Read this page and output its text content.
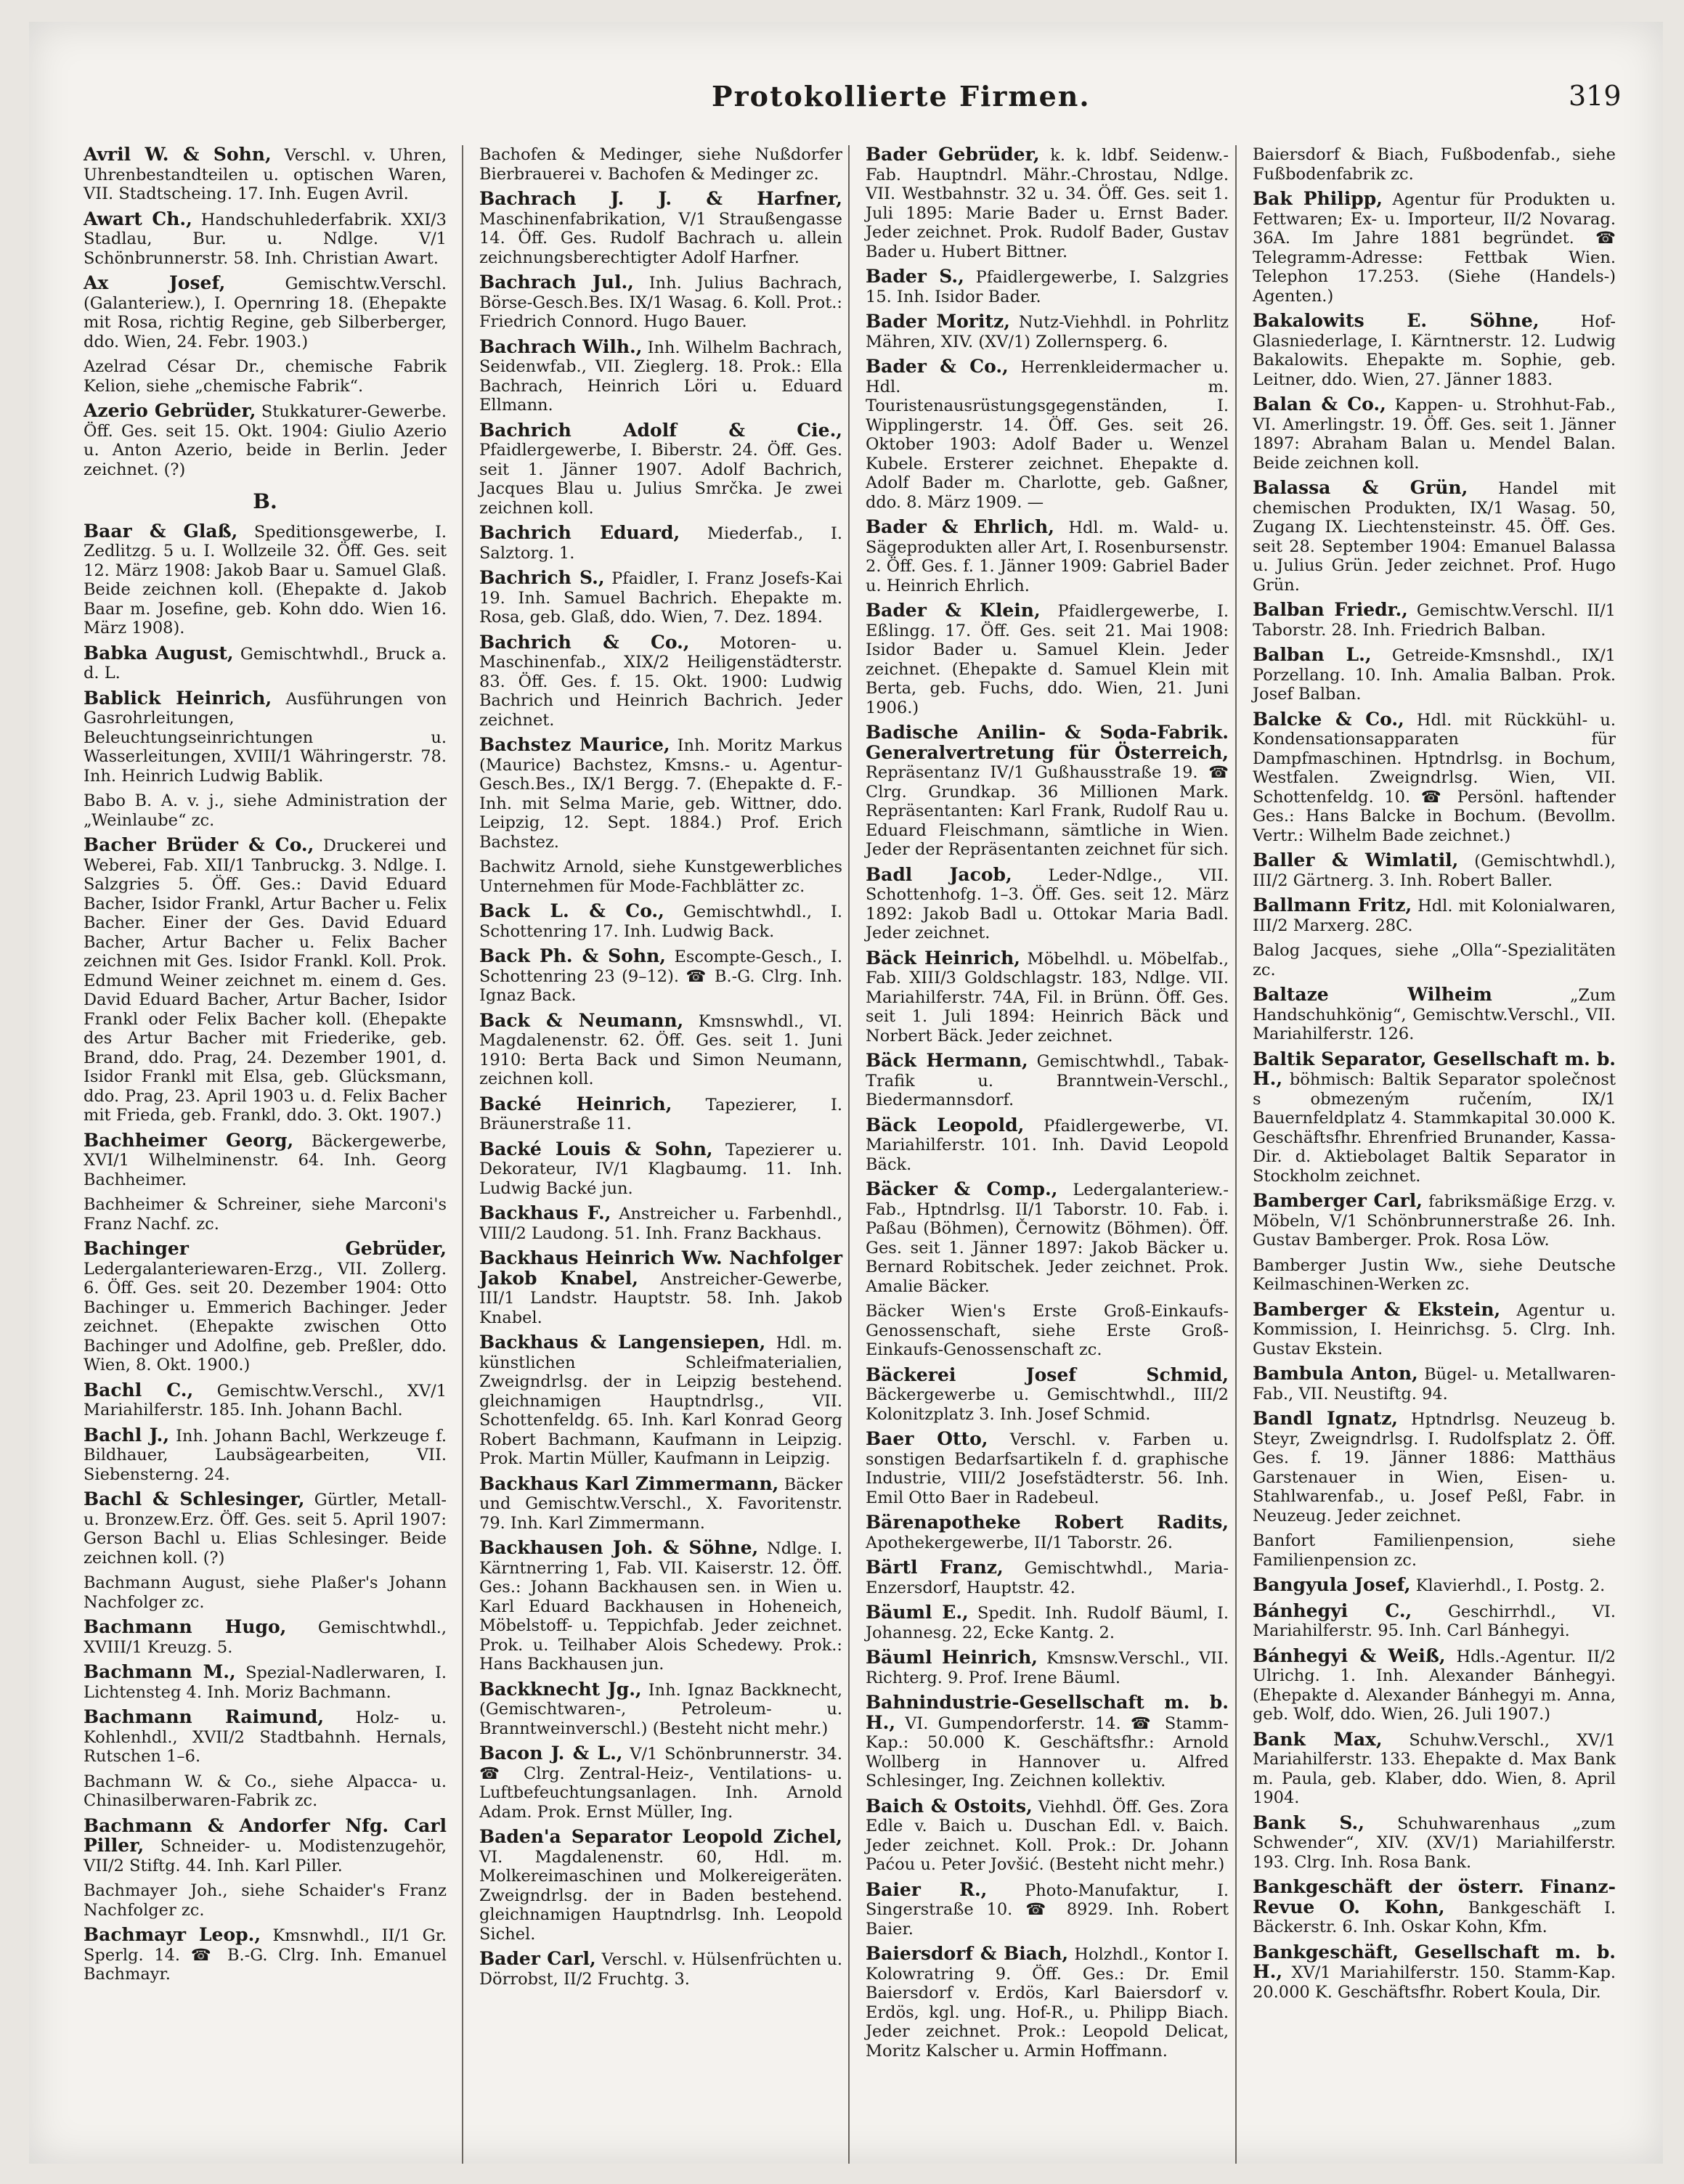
Protokollierte Firmen.	319
Avril W. & Sohn, Verschl. v. Uhren, Uhrenbestandteilen u. optischen Waren, VII. Stadtscheing. 17. Inh. Eugen Avril.
Awart Ch., Handschuhlederfabrik. XXI/3 Stadlau, Bur. u. Ndlge. V/1 Schönbrunnerstr. 58. Inh. Christian Awart.
Ax Josef,	Gemischtw.Verschl. (Galanteriew.), I. Opernring 18. (Ehepakte mit Rosa, richtig Regine, geb Silberberger, ddo. Wien, 24. Febr. 1903.)
Azelrad César Dr., chemische Fabrik Kelion, siehe „chemische Fabrik“.
Azerio Gebrüder, Stukkaturer-Gewerbe. Öff. Ges. seit 15. Okt. 1904: Giulio Azerio u. Anton Azerio, beide in Berlin. Jeder zeichnet. (?)
B.
Baar & Glaß, Speditionsgewerbe, I. Zedlitzg. 5 u. I. Wollzeile 32. Öff. Ges. seit 12. März 1908: Jakob Baar u. Samuel Glaß. Beide zeichnen koll. (Ehepakte d. Jakob Baar m. Josefine, geb. Kohn ddo. Wien 16. März 1908).
Babka August, Gemischtwhdl., Bruck a. d. L.
Bablick Heinrich, Ausführungen von Gasrohrleitungen, Beleuchtungseinrichtungen u. Wasserleitungen, XVIII/1 Währingerstr. 78. Inh. Heinrich Ludwig Bablik.
Babo B. A. v. j., siehe Administration der „Weinlaube“ zc.
Bacher Brüder & Co., Druckerei und Weberei, Fab. XII/1 Tanbruckg. 3. Ndlge. I. Salzgries 5. Öff. Ges.: David Eduard Bacher, Isidor Frankl, Artur Bacher u. Felix Bacher. Einer der Ges. David Eduard Bacher, Artur Bacher u. Felix Bacher zeichnen mit Ges. Isidor Frankl. Koll. Prok. Edmund Weiner zeichnet m. einem d. Ges. David Eduard Bacher, Artur Bacher, Isidor Frankl oder Felix Bacher koll. (Ehepakte des Artur Bacher mit Friederike, geb. Brand, ddo. Prag, 24. Dezember 1901, d. Isidor Frankl mit Elsa, geb. Glücksmann, ddo. Prag, 23. April 1903 u. d. Felix Bacher mit Frieda, geb. Frankl, ddo. 3. Okt. 1907.)
Bachheimer Georg, Bäckergewerbe, XVI/1 Wilhelminenstr. 64. Inh. Georg Bachheimer.
Bachheimer & Schreiner, siehe Marconi's Franz Nachf. zc.
Bachinger Gebrüder, Ledergalanteriewaren-Erzg., VII. Zollerg. 6. Öff. Ges. seit 20. Dezember 1904: Otto Bachinger u. Emmerich Bachinger. Jeder zeichnet. (Ehepakte zwischen Otto Bachinger und Adolfine, geb. Preßler, ddo. Wien, 8. Okt. 1900.)
Bachl C., Gemischtw.Verschl., XV/1 Mariahilferstr. 185. Inh. Johann Bachl.
Bachl J., Inh. Johann Bachl, Werkzeuge f. Bildhauer, Laubsägearbeiten, VII. Siebensterng. 24.
Bachl & Schlesinger, Gürtler, Metall- u. Bronzew.Erz. Öff. Ges. seit 5. April 1907: Gerson Bachl u. Elias Schlesinger. Beide zeichnen koll. (?)
Bachmann August, siehe Plaßer's Johann Nachfolger zc.
Bachmann Hugo, Gemischtwhdl., XVIII/1 Kreuzg. 5.
Bachmann M., Spezial-Nadlerwaren, I. Lichtensteg 4. Inh. Moriz Bachmann.
Bachmann Raimund, Holz- u. Kohlenhdl., XVII/2 Stadtbahnh. Hernals, Rutschen 1–6.
Bachmann W. & Co., siehe Alpacca- u. Chinasilberwaren-Fabrik zc.
Bachmann & Andorfer Nfg. Carl Piller, Schneider- u. Modistenzugehör, VII/2 Stiftg. 44. Inh. Karl Piller.
Bachmayer Joh., siehe Schaider's Franz Nachfolger zc.
Bachmayr Leop., Kmsnwhdl., II/1 Gr. Sperlg. 14. ☎ B.-G. Clrg. Inh. Emanuel Bachmayr.
Bachofen & Medinger, siehe Nußdorfer Bierbrauerei v. Bachofen & Medinger zc.
Bachrach J. J. & Harfner, Maschinenfabrikation, V/1 Straußengasse 14. Öff. Ges. Rudolf Bachrach u. allein zeichnungsberechtigter Adolf Harfner.
Bachrach Jul., Inh. Julius Bachrach, Börse-Gesch.Bes. IX/1 Wasag. 6. Koll. Prot.: Friedrich Connord. Hugo Bauer.
Bachrach Wilh., Inh. Wilhelm Bachrach, Seidenwfab., VII. Zieglerg. 18. Prok.: Ella Bachrach, Heinrich Löri u. Eduard Ellmann.
Bachrich Adolf & Cie., Pfaidlergewerbe, I. Biberstr. 24. Öff. Ges. seit 1. Jänner 1907. Adolf Bachrich, Jacques Blau u. Julius Smrčka. Je zwei zeichnen koll.
Bachrich Eduard, Miederfab., I. Salztorg. 1.
Bachrich S., Pfaidler, I. Franz Josefs-Kai 19. Inh. Samuel Bachrich. Ehepakte m. Rosa, geb. Glaß, ddo. Wien, 7. Dez. 1894.
Bachrich & Co., Motoren- u. Maschinenfab., XIX/2 Heiligenstädterstr. 83. Öff. Ges. f. 15. Okt. 1900: Ludwig Bachrich und Heinrich Bachrich. Jeder zeichnet.
Bachstez Maurice, Inh. Moritz Markus (Maurice) Bachstez, Kmsns.- u. Agentur-Gesch.Bes., IX/1 Bergg. 7. (Ehepakte d. F.-Inh. mit Selma Marie, geb. Wittner, ddo. Leipzig, 12. Sept. 1884.) Prof. Erich Bachstez.
Bachwitz Arnold, siehe Kunstgewerbliches Unternehmen für Mode-Fachblätter zc.
Back L. & Co., Gemischtwhdl., I. Schottenring 17. Inh. Ludwig Back.
Back Ph. & Sohn, Escompte-Gesch., I. Schottenring 23 (9–12). ☎ B.-G. Clrg. Inh. Ignaz Back.
Back & Neumann, Kmsnswhdl., VI. Magdalenenstr. 62. Öff. Ges. seit 1. Juni 1910: Berta Back und Simon Neumann, zeichnen koll.
Backé Heinrich, Tapezierer, I. Bräunerstraße 11.
Backé Louis & Sohn, Tapezierer u. Dekorateur, IV/1 Klagbaumg. 11. Inh. Ludwig Backé jun.
Backhaus F., Anstreicher u. Farbenhdl., VIII/2 Laudong. 51. Inh. Franz Backhaus.
Backhaus Heinrich Ww. Nachfolger Jakob Knabel, Anstreicher-Gewerbe, III/1 Landstr. Hauptstr. 58. Inh. Jakob Knabel.
Backhaus & Langensiepen, Hdl. m. künstlichen Schleifmaterialien, Zweigndrlsg. der in Leipzig bestehend. gleichnamigen Hauptndrlsg., VII. Schottenfeldg. 65. Inh. Karl Konrad Georg Robert Bachmann, Kaufmann in Leipzig. Prok. Martin Müller, Kaufmann in Leipzig.
Backhaus Karl Zimmermann, Bäcker und Gemischtw.Verschl., X. Favoritenstr. 79. Inh. Karl Zimmermann.
Backhausen Joh. & Söhne, Ndlge. I. Kärntnerring 1, Fab. VII. Kaiserstr. 12. Öff. Ges.: Johann Backhausen sen. in Wien u. Karl Eduard Backhausen in Hoheneich, Möbelstoff- u. Teppichfab. Jeder zeichnet. Prok. u. Teilhaber Alois Schedewy. Prok.: Hans Backhausen jun.
Backknecht Jg., Inh. Ignaz Backknecht, (Gemischtwaren-, Petroleum- u. Branntweinverschl.) (Besteht nicht mehr.)
Bacon J. & L., V/1 Schönbrunnerstr. 34. ☎ Clrg. Zentral-Heiz-, Ventilations- u. Luftbefeuchtungsanlagen. Inh. Arnold Adam. Prok. Ernst Müller, Ing.
Baden'a Separator Leopold Zichel, VI. Magdalenenstr. 60, Hdl. m. Molkereimaschinen und Molkereigeräten. Zweigndrlsg. der in Baden bestehend. gleichnamigen Hauptndrlsg. Inh. Leopold Sichel.
Bader Carl, Verschl. v. Hülsenfrüchten u. Dörrobst, II/2 Fruchtg. 3.
Bader Gebrüder, k. k. ldbf. Seidenw.-Fab. Hauptndrl. Mähr.-Chrostau, Ndlge. VII. Westbahnstr. 32 u. 34. Öff. Ges. seit 1. Juli 1895: Marie Bader u. Ernst Bader. Jeder zeichnet. Prok. Rudolf Bader, Gustav Bader u. Hubert Bittner.
Bader S., Pfaidlergewerbe, I. Salzgries 15. Inh. Isidor Bader.
Bader Moritz, Nutz-Viehhdl. in Pohrlitz Mähren, XIV. (XV/1) Zollernsperg. 6.
Bader & Co., Herrenkleidermacher u. Hdl. m. Touristenausrüstungsgegenständen, I. Wipplingerstr. 14. Öff. Ges. seit 26. Oktober 1903: Adolf Bader u. Wenzel Kubele. Ersterer zeichnet. Ehepakte d. Adolf Bader m. Charlotte, geb. Gaßner, ddo. 8. März 1909. —
Bader & Ehrlich, Hdl. m. Wald- u. Sägeprodukten aller Art, I. Rosenbursenstr. 2. Öff. Ges. f. 1. Jänner 1909: Gabriel Bader u. Heinrich Ehrlich.
Bader & Klein, Pfaidlergewerbe, I. Eßlingg. 17. Öff. Ges. seit 21. Mai 1908: Isidor Bader u. Samuel Klein. Jeder zeichnet. (Ehepakte d. Samuel Klein mit Berta, geb. Fuchs, ddo. Wien, 21. Juni 1906.)
Badische Anilin- & Soda-Fabrik. Generalvertretung für Österreich, Repräsentanz IV/1 Gußhausstraße 19. ☎ Clrg. Grundkap. 36 Millionen Mark. Repräsentanten: Karl Frank, Rudolf Rau u. Eduard Fleischmann, sämtliche in Wien. Jeder der Repräsentanten zeichnet für sich.
Badl Jacob, Leder-Ndlge., VII. Schottenhofg. 1–3. Öff. Ges. seit 12. März 1892: Jakob Badl u. Ottokar Maria Badl. Jeder zeichnet.
Bäck Heinrich, Möbelhdl. u. Möbelfab., Fab. XIII/3 Goldschlagstr. 183, Ndlge. VII. Mariahilferstr. 74A, Fil. in Brünn. Öff. Ges. seit 1. Juli 1894: Heinrich Bäck und Norbert Bäck. Jeder zeichnet.
Bäck Hermann, Gemischtwhdl., Tabak-Trafik u. Branntwein-Verschl., Biedermannsdorf.
Bäck Leopold, Pfaidlergewerbe, VI. Mariahilferstr. 101. Inh. David Leopold Bäck.
Bäcker & Comp., Ledergalanteriew.-Fab., Hptndrlsg. II/1 Taborstr. 10. Fab. i. Paßau (Böhmen), Černowitz (Böhmen). Öff. Ges. seit 1. Jänner 1897: Jakob Bäcker u. Bernard Robitschek. Jeder zeichnet. Prok. Amalie Bäcker.
Bäcker Wien's Erste Groß-Einkaufs-Genossenschaft, siehe Erste Groß-Einkaufs-Genossenschaft zc.
Bäckerei Josef Schmid, Bäckergewerbe u. Gemischtwhdl., III/2 Kolonitzplatz 3. Inh. Josef Schmid.
Baer Otto, Verschl. v. Farben u. sonstigen Bedarfsartikeln f. d. graphische Industrie, VIII/2 Josefstädterstr. 56. Inh. Emil Otto Baer in Radebeul.
Bärenapotheke Robert Radits, Apothekergewerbe, II/1 Taborstr. 26.
Bärtl Franz, Gemischtwhdl., Maria-Enzersdorf, Hauptstr. 42.
Bäuml E., Spedit. Inh. Rudolf Bäuml, I. Johannesg. 22, Ecke Kantg. 2.
Bäuml Heinrich, Kmsnsw.Verschl., VII. Richterg. 9. Prof. Irene Bäuml.
Bahnindustrie-Gesellschaft m. b. H., VI. Gumpendorferstr. 14. ☎ Stamm-Kap.: 50.000 K. Geschäftsfhr.: Arnold Wollberg in Hannover u. Alfred Schlesinger, Ing. Zeichnen kollektiv.
Baich & Ostoits, Viehhdl. Öff. Ges. Zora Edle v. Baich u. Duschan Edl. v. Baich. Jeder zeichnet. Koll. Prok.: Dr. Johann Paćou u. Peter Jovšić. (Besteht nicht mehr.)
Baier R., Photo-Manufaktur, I. Singerstraße 10. ☎ 8929. Inh. Robert Baier.
Baiersdorf & Biach, Holzhdl., Kontor I. Kolowratring 9. Öff. Ges.: Dr. Emil Baiersdorf v. Erdös, Karl Baiersdorf v. Erdös, kgl. ung. Hof-R., u. Philipp Biach. Jeder zeichnet. Prok.: Leopold Delicat, Moritz Kalscher u. Armin Hoffmann.
Baiersdorf & Biach, Fußbodenfab., siehe Fußbodenfabrik zc.
Bak Philipp, Agentur für Produkten u. Fettwaren; Ex- u. Importeur, II/2 Novarag. 36A. Im Jahre 1881 begründet. ☎ Telegramm-Adresse: Fettbak Wien. Telephon 17.253. (Siehe (Handels-) Agenten.)
Bakalowits E. Söhne,	Hof-Glasniederlage, I. Kärntnerstr. 12. Ludwig Bakalowits. Ehepakte m. Sophie, geb. Leitner, ddo. Wien, 27. Jänner 1883.
Balan & Co., Kappen- u. Strohhut-Fab., VI. Amerlingstr. 19. Öff. Ges. seit 1. Jänner 1897: Abraham Balan u. Mendel Balan. Beide zeichnen koll.
Balassa & Grün, Handel mit chemischen Produkten, IX/1 Wasag. 50, Zugang IX. Liechtensteinstr. 45. Öff. Ges. seit 28. September 1904: Emanuel Balassa u. Julius Grün. Jeder zeichnet. Prof. Hugo Grün.
Balban Friedr., Gemischtw.Verschl. II/1 Taborstr. 28. Inh. Friedrich Balban.
Balban L., Getreide-Kmsnshdl., IX/1 Porzellang. 10. Inh. Amalia Balban. Prok. Josef Balban.
Balcke & Co., Hdl. mit Rückkühl- u. Kondensationsapparaten für Dampfmaschinen. Hptndrlsg. in Bochum, Westfalen. Zweigndrlsg. Wien, VII. Schottenfeldg. 10. ☎ Persönl. haftender Ges.: Hans Balcke in Bochum. (Bevollm. Vertr.: Wilhelm Bade zeichnet.)
Baller & Wimlatil, (Gemischtwhdl.), III/2 Gärtnerg. 3. Inh. Robert Baller.
Ballmann Fritz, Hdl. mit Kolonialwaren, III/2 Marxerg. 28C.
Balog Jacques, siehe „Olla“-Spezialitäten zc.
Baltaze Wilheim	„Zum Handschuhkönig“, Gemischtw.Verschl., VII. Mariahilferstr. 126.
Baltik Separator, Gesellschaft m. b. H., böhmisch: Baltik Separator společnost s obmezeným ručením, IX/1 Bauernfeldplatz 4. Stammkapital 30.000 K. Geschäftsfhr. Ehrenfried Brunander, Kassa-Dir. d. Aktiebolaget Baltik Separator in Stockholm zeichnet.
Bamberger Carl, fabriksmäßige Erzg. v. Möbeln, V/1 Schönbrunnerstraße 26. Inh. Gustav Bamberger. Prok. Rosa Löw.
Bamberger Justin Ww., siehe Deutsche Keilmaschinen-Werken zc.
Bamberger & Ekstein, Agentur u. Kommission, I. Heinrichsg. 5. Clrg. Inh. Gustav Ekstein.
Bambula Anton, Bügel- u. Metallwaren-Fab., VII. Neustiftg. 94.
Bandl Ignatz, Hptndrlsg. Neuzeug b. Steyr, Zweigndrlsg. I. Rudolfsplatz 2. Öff. Ges. f. 19. Jänner 1886: Matthäus Garstenauer in Wien, Eisen- u. Stahlwarenfab., u. Josef Peßl, Fabr. in Neuzeug. Jeder zeichnet.
Banfort Familienpension, siehe Familienpension zc.
Bangyula Josef, Klavierhdl., I. Postg. 2.
Bánhegyi C., Geschirrhdl., VI. Mariahilferstr. 95. Inh. Carl Bánhegyi.
Bánhegyi & Weiß, Hdls.-Agentur. II/2 Ulrichg. 1. Inh. Alexander Bánhegyi. (Ehepakte d. Alexander Bánhegyi m. Anna, geb. Wolf, ddo. Wien, 26. Juli 1907.)
Bank Max, Schuhw.Verschl., XV/1 Mariahilferstr. 133. Ehepakte d. Max Bank m. Paula, geb. Klaber, ddo. Wien, 8. April 1904.
Bank S., Schuhwarenhaus „zum Schwender“, XIV. (XV/1) Mariahilferstr. 193. Clrg. Inh. Rosa Bank.
Bankgeschäft der österr. Finanz-Revue O. Kohn, Bankgeschäft I. Bäckerstr. 6. Inh. Oskar Kohn, Kfm.
Bankgeschäft, Gesellschaft m. b. H., XV/1 Mariahilferstr. 150. Stamm-Kap. 20.000 K. Geschäftsfhr. Robert Koula, Dir.
